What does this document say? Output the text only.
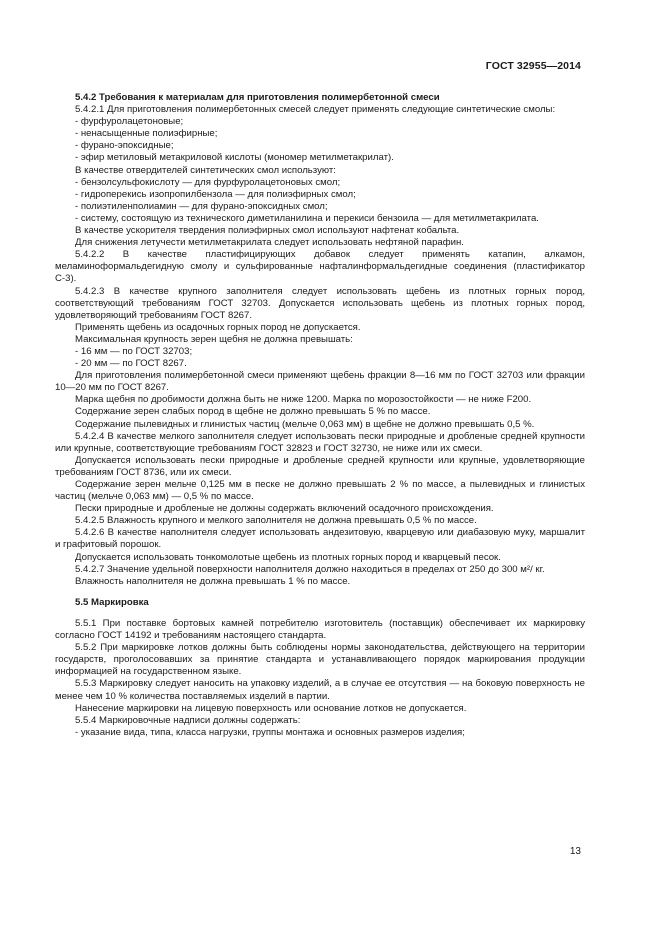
ГОСТ 32955—2014

5.4.2 Требования к материалам для приготовления полимербетонной смеси

5.4.2.1 Для приготовления полимербетонных смесей следует применять следующие синтетические смолы:

- фурфуролацетоновые;

- ненасыщенные полиэфирные;

- фурано-эпоксидные;

- эфир метиловый метакриловой кислоты (мономер метилметакрилат).

В качестве отвердителей синтетических смол используют:

- бензолсульфокислоту — для фурфуролацетоновых смол;

- гидроперекись изопропилбензола — для полиэфирных смол;

- полиэтиленполиамин — для фурано-эпоксидных смол;

- систему, состоящую из технического диметиланилина и перекиси бензоила — для метилметакрилата.

В качестве ускорителя твердения полиэфирных смол используют нафтенат кобальта.

Для снижения летучести метилметакрилата следует использовать нефтяной парафин.

5.4.2.2 В качестве пластифицирующих добавок следует применять катапин, алкамон, меламиноформальдегидную смолу и сульфированные нафталинформальдегидные соединения (пластификатор С-3).

5.4.2.3 В качестве крупного заполнителя следует использовать щебень из плотных горных пород, соответствующий требованиям ГОСТ 32703. Допускается использовать щебень из плотных горных пород, удовлетворяющий требованиям ГОСТ 8267.

Применять щебень из осадочных горных пород не допускается.

Максимальная крупность зерен щебня не должна превышать:

- 16 мм — по ГОСТ 32703;

- 20 мм — по ГОСТ 8267.

Для приготовления полимербетонной смеси применяют щебень фракции 8—16 мм по ГОСТ 32703 или фракции 10—20 мм по ГОСТ 8267.

Марка щебня по дробимости должна быть не ниже 1200. Марка по морозостойкости — не ниже F200.

Содержание зерен слабых пород в щебне не должно превышать 5 % по массе.

Содержание пылевидных и глинистых частиц (мельче 0,063 мм) в щебне не должно превышать 0,5 %.

5.4.2.4 В качестве мелкого заполнителя следует использовать пески природные и дробленые средней крупности или крупные, соответствующие требованиям ГОСТ 32823 и ГОСТ 32730, не ниже или их смеси.

Допускается использовать пески природные и дробленые средней крупности или крупные, удовлетворяющие требованиям ГОСТ 8736, или их смеси.

Содержание зерен мельче 0,125 мм в песке не должно превышать 2 % по массе, а пылевидных и глинистых частиц (мельче 0,063 мм) — 0,5 % по массе.

Пески природные и дробленые не должны содержать включений осадочного происхождения.

5.4.2.5 Влажность крупного и мелкого заполнителя не должна превышать 0,5 % по массе.

5.4.2.6 В качестве наполнителя следует использовать андезитовую, кварцевую или диабазовую муку, маршалит и графитовый порошок.

Допускается использовать тонкомолотые щебень из плотных горных пород и кварцевый песок.

5.4.2.7 Значение удельной поверхности наполнителя должно находиться в пределах от 250 до 300 м²/ кг.

Влажность наполнителя не должна превышать 1 % по массе.

5.5 Маркировка

5.5.1 При поставке бортовых камней потребителю изготовитель (поставщик) обеспечивает их маркировку согласно ГОСТ 14192 и требованиям настоящего стандарта.

5.5.2 При маркировке лотков должны быть соблюдены нормы законодательства, действующего на территории государств, проголосовавших за принятие стандарта и устанавливающего порядок маркирования продукции информацией на государственном языке.

5.5.3 Маркировку следует наносить на упаковку изделий, а в случае ее отсутствия — на боковую поверхность не менее чем 10 % количества поставляемых изделий в партии.

Нанесение маркировки на лицевую поверхность или основание лотков не допускается.

5.5.4 Маркировочные надписи должны содержать:

- указание вида, типа, класса нагрузки, группы монтажа и основных размеров изделия;

13
